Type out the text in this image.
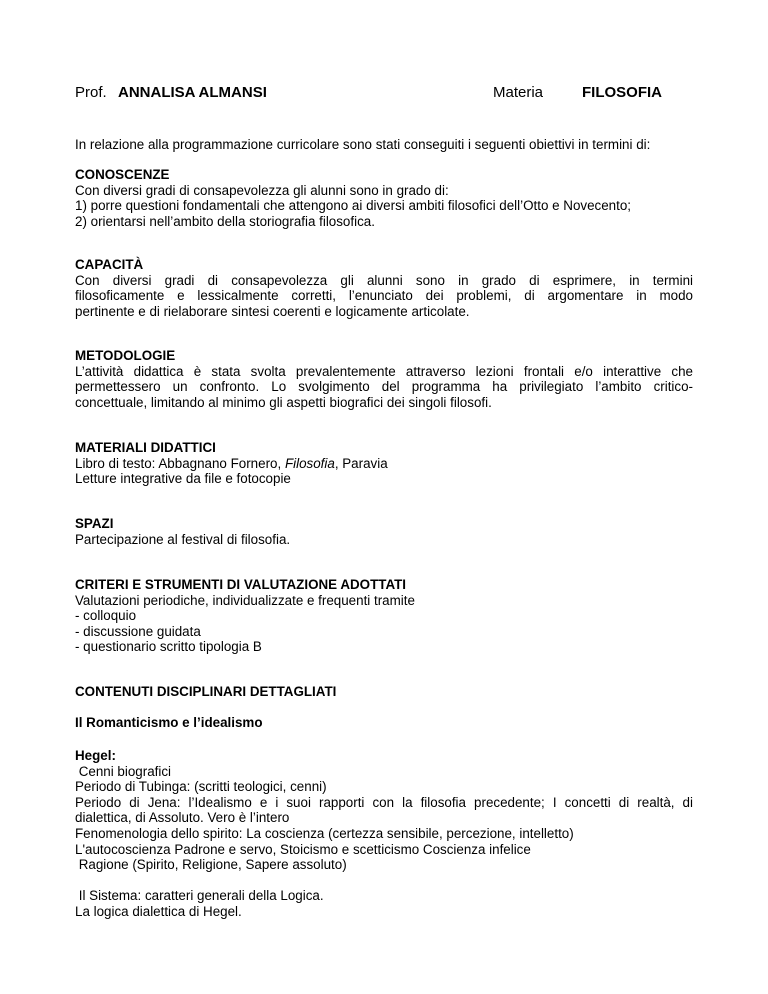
Prof. ANNALISA ALMANSI	Materia	FILOSOFIA
In relazione alla programmazione curricolare sono stati conseguiti i seguenti obiettivi in termini di:
CONOSCENZE
Con diversi gradi di consapevolezza gli alunni sono in grado di:
1) porre questioni fondamentali che attengono ai diversi ambiti filosofici dell’Otto e Novecento;
2) orientarsi nell’ambito della storiografia filosofica.
CAPACITÀ
Con diversi gradi di consapevolezza gli alunni sono in grado di esprimere, in termini
filosoficamente e lessicalmente corretti, l’enunciato dei problemi, di argomentare in modo
pertinente e di rielaborare sintesi coerenti e logicamente articolate.
METODOLOGIE
L’attività didattica è stata svolta prevalentemente attraverso lezioni frontali e/o interattive che
permettessero un confronto. Lo svolgimento del programma ha privilegiato l’ambito critico-
concettuale, limitando al minimo gli aspetti biografici dei singoli filosofi.
MATERIALI DIDATTICI
Libro di testo: Abbagnano Fornero, Filosofia, Paravia
Letture integrative da file e fotocopie
SPAZI
Partecipazione al festival di filosofia.
CRITERI E STRUMENTI DI VALUTAZIONE ADOTTATI
Valutazioni periodiche, individualizzate e frequenti tramite
- colloquio
- discussione guidata
- questionario scritto tipologia B
CONTENUTI DISCIPLINARI DETTAGLIATI
Il Romanticismo e l’idealismo
Hegel:
Cenni biografici
Periodo di Tubinga: (scritti teologici, cenni)
Periodo di Jena: l’Idealismo e i suoi rapporti con la filosofia precedente; I concetti di realtà, di
dialettica, di Assoluto. Vero è l’intero
Fenomenologia dello spirito: La coscienza (certezza sensibile, percezione, intelletto)
L'autocoscienza Padrone e servo, Stoicismo e scetticismo Coscienza infelice
Ragione (Spirito, Religione, Sapere assoluto)
Il Sistema: caratteri generali della Logica.
La logica dialettica di Hegel.
